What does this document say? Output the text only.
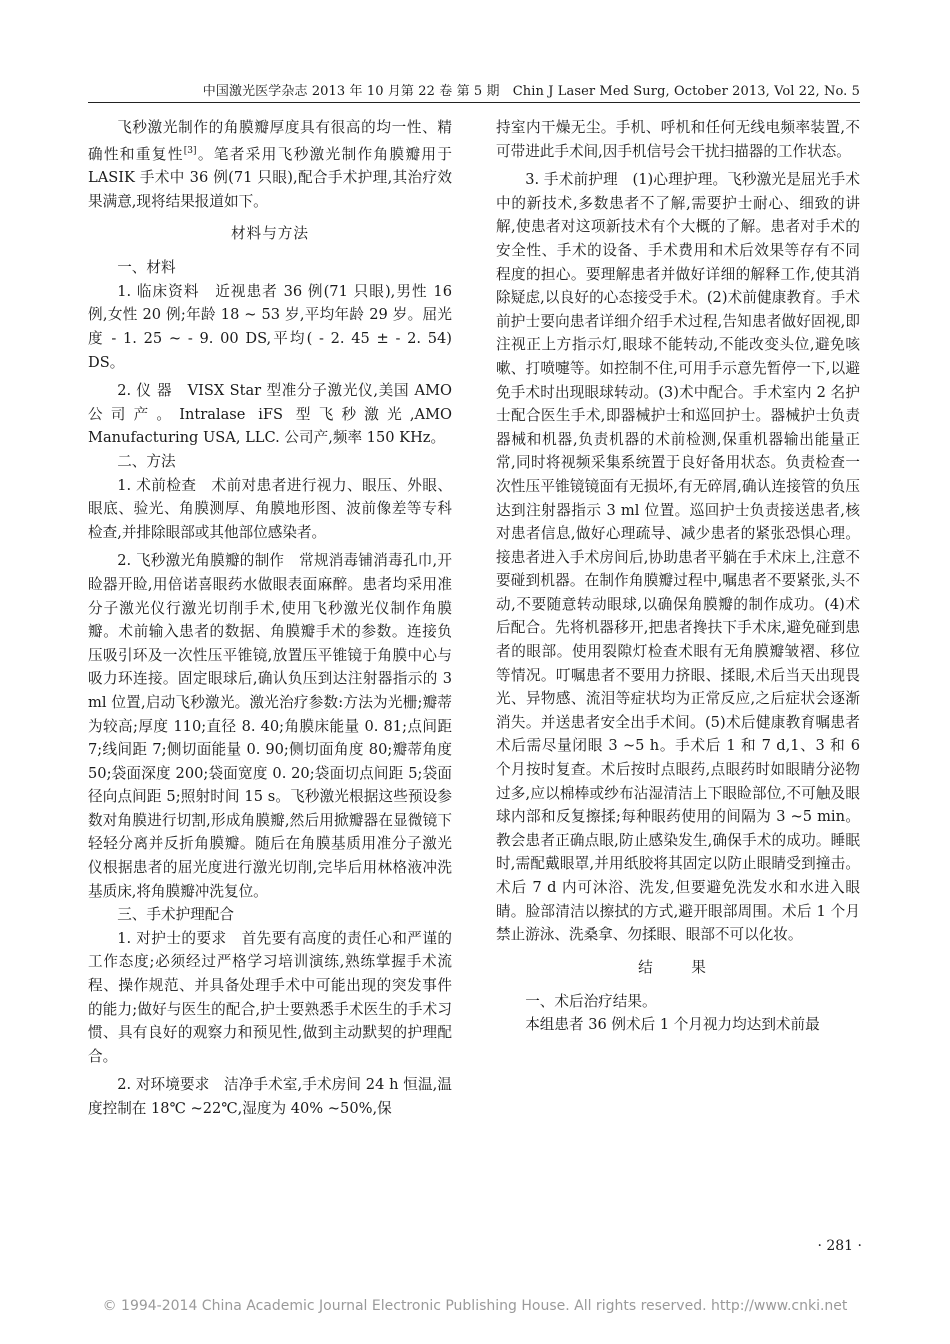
中国激光医学杂志 2013 年 10 月第 22 卷 第 5 期　Chin J Laser Med Surg, October 2013, Vol 22, No. 5

飞秒激光制作的角膜瓣厚度具有很高的均一性、精确性和重复性[3]。笔者采用飞秒激光制作角膜瓣用于 LASIK 手术中 36 例(71 只眼),配合手术护理,其治疗效果满意,现将结果报道如下。

材料与方法
一、材料

1. 临床资料　近视患者 36 例(71 只眼),男性 16 例,女性 20 例;年龄 18 ~ 53 岁,平均年龄 29 岁。屈光度 - 1. 25 ~ - 9. 00 DS,平均( - 2. 45 ± - 2. 54) DS。

2. 仪 器　VISX Star 型准分子激光仪,美国 AMO 公司产。Intralase iFS 型飞秒激光,AMO Manufacturing USA, LLC. 公司产,频率 150 KHz。

二、方法

1. 术前检查　术前对患者进行视力、眼压、外眼、眼底、验光、角膜测厚、角膜地形图、波前像差等专科检查,并排除眼部或其他部位感染者。

2. 飞秒激光角膜瓣的制作　常规消毒铺消毒孔巾,开睑器开睑,用倍诺喜眼药水做眼表面麻醉。患者均采用准分子激光仪行激光切削手术,使用飞秒激光仪制作角膜瓣。术前输入患者的数据、角膜瓣手术的参数。连接负压吸引环及一次性压平锥镜,放置压平锥镜于角膜中心与吸力环连接。固定眼球后,确认负压到达注射器指示的 3 ml 位置,启动飞秒激光。激光治疗参数:方法为光栅;瓣蒂为较高;厚度 110;直径 8. 40;角膜床能量 0. 81;点间距 7;线间距 7;侧切面能量 0. 90;侧切面角度 80;瓣蒂角度 50;袋面深度 200;袋面宽度 0. 20;袋面切点间距 5;袋面径向点间距 5;照射时间 15 s。飞秒激光根据这些预设参数对角膜进行切割,形成角膜瓣,然后用掀瓣器在显微镜下轻轻分离并反折角膜瓣。随后在角膜基质用准分子激光仪根据患者的屈光度进行激光切削,完毕后用林格液冲洗基质床,将角膜瓣冲洗复位。

三、手术护理配合

1. 对护士的要求　首先要有高度的责任心和严谨的工作态度;必须经过严格学习培训演练,熟练掌握手术流程、操作规范、并具备处理手术中可能出现的突发事件的能力;做好与医生的配合,护士要熟悉手术医生的手术习惯、具有良好的观察力和预见性,做到主动默契的护理配合。

2. 对环境要求　洁净手术室,手术房间 24 h 恒温,温度控制在 18℃ ~22℃,湿度为 40% ~50%,保

持室内干燥无尘。手机、呼机和任何无线电频率装置,不可带进此手术间,因手机信号会干扰扫描器的工作状态。

3. 手术前护理　(1)心理护理。飞秒激光是屈光手术中的新技术,多数患者不了解,需要护士耐心、细致的讲解,使患者对这项新技术有个大概的了解。患者对手术的安全性、手术的设备、手术费用和术后效果等存有不同程度的担心。要理解患者并做好详细的解释工作,使其消除疑虑,以良好的心态接受手术。(2)术前健康教育。手术前护士要向患者详细介绍手术过程,告知患者做好固视,即注视正上方指示灯,眼球不能转动,不能改变头位,避免咳嗽、打喷嚏等。如控制不住,可用手示意先暂停一下,以避免手术时出现眼球转动。(3)术中配合。手术室内 2 名护士配合医生手术,即器械护士和巡回护士。器械护士负责器械和机器,负责机器的术前检测,保重机器输出能量正常,同时将视频采集系统置于良好备用状态。负责检查一次性压平锥镜镜面有无损坏,有无碎屑,确认连接管的负压达到注射器指示 3 ml 位置。巡回护士负责接送患者,核对患者信息,做好心理疏导、减少患者的紧张恐惧心理。接患者进入手术房间后,协助患者平躺在手术床上,注意不要碰到机器。在制作角膜瓣过程中,嘱患者不要紧张,头不动,不要随意转动眼球,以确保角膜瓣的制作成功。(4)术后配合。先将机器移开,把患者搀扶下手术床,避免碰到患者的眼部。使用裂隙灯检查术眼有无角膜瓣皱褶、移位等情况。叮嘱患者不要用力挤眼、揉眼,术后当天出现畏光、异物感、流泪等症状均为正常反应,之后症状会逐渐消失。并送患者安全出手术间。(5)术后健康教育嘱患者术后需尽量闭眼 3 ~5 h。手术后 1 和 7 d,1、3 和 6 个月按时复查。术后按时点眼药,点眼药时如眼睛分泌物过多,应以棉棒或纱布沾湿清洁上下眼睑部位,不可触及眼球内部和反复擦揉;每种眼药使用的间隔为 3 ~5 min。教会患者正确点眼,防止感染发生,确保手术的成功。睡眠时,需配戴眼罩,并用纸胶将其固定以防止眼睛受到撞击。术后 7 d 内可沐浴、洗发,但要避免洗发水和水进入眼睛。脸部清洁以擦拭的方式,避开眼部周围。术后 1 个月禁止游泳、洗桑拿、勿揉眼、眼部不可以化妆。

结　果
一、术后治疗结果。

本组患者 36 例术后 1 个月视力均达到术前最

· 281 ·
© 1994-2014 China Academic Journal Electronic Publishing House. All rights reserved. http://www.cnki.net
